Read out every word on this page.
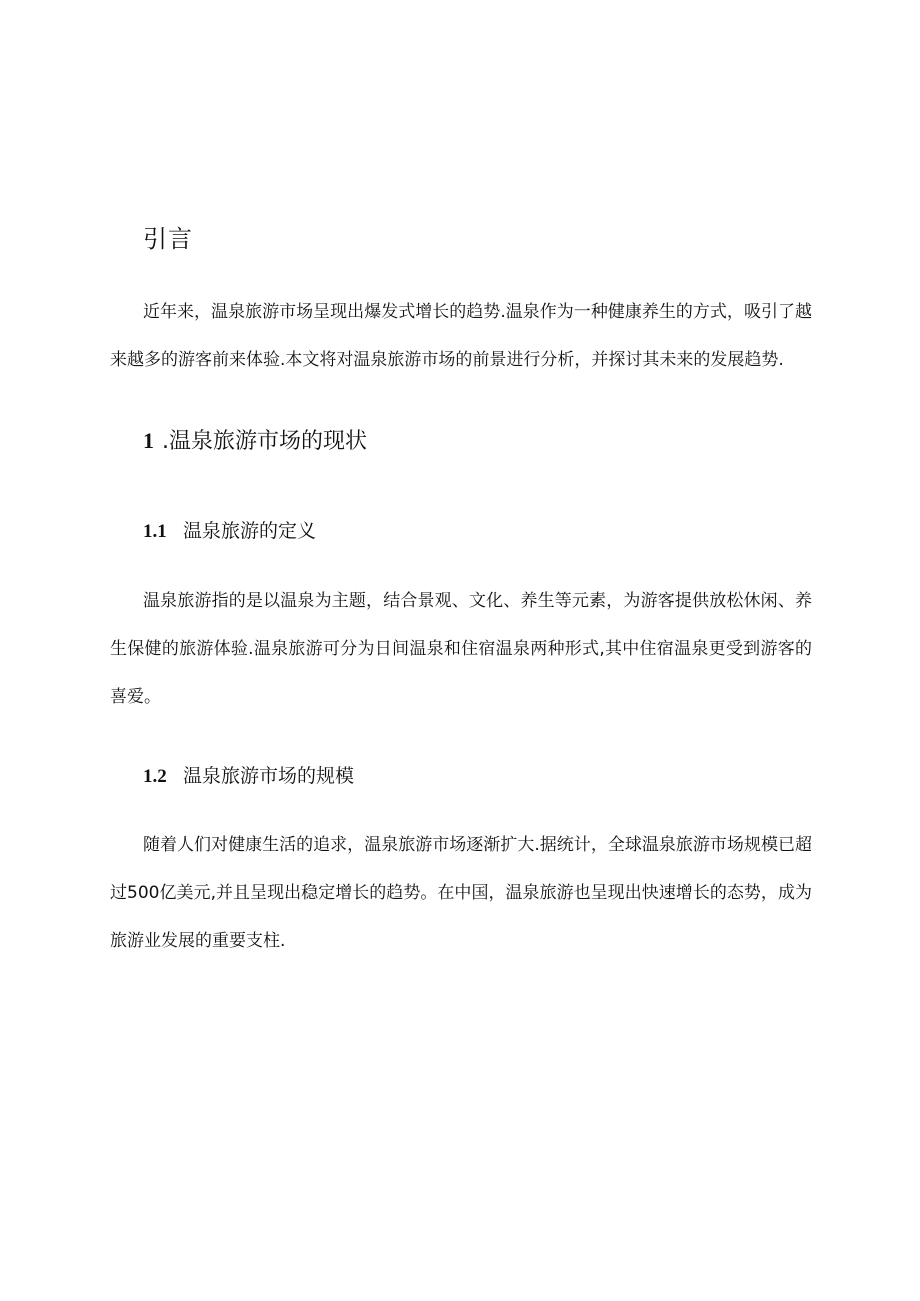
引言

近年来，温泉旅游市场呈现出爆发式增长的趋势.温泉作为一种健康养生的方式，吸引了越来越多的游客前来体验.本文将对温泉旅游市场的前景进行分析，并探讨其未来的发展趋势.

1 .温泉旅游市场的现状
1.1 温泉旅游的定义

温泉旅游指的是以温泉为主题，结合景观、文化、养生等元素，为游客提供放松休闲、养生保健的旅游体验.温泉旅游可分为日间温泉和住宿温泉两种形式,其中住宿温泉更受到游客的喜爱。

1.2 温泉旅游市场的规模

随着人们对健康生活的追求，温泉旅游市场逐渐扩大.据统计，全球温泉旅游市场规模已超过500亿美元,并且呈现出稳定增长的趋势。在中国，温泉旅游也呈现出快速增长的态势，成为旅游业发展的重要支柱.
